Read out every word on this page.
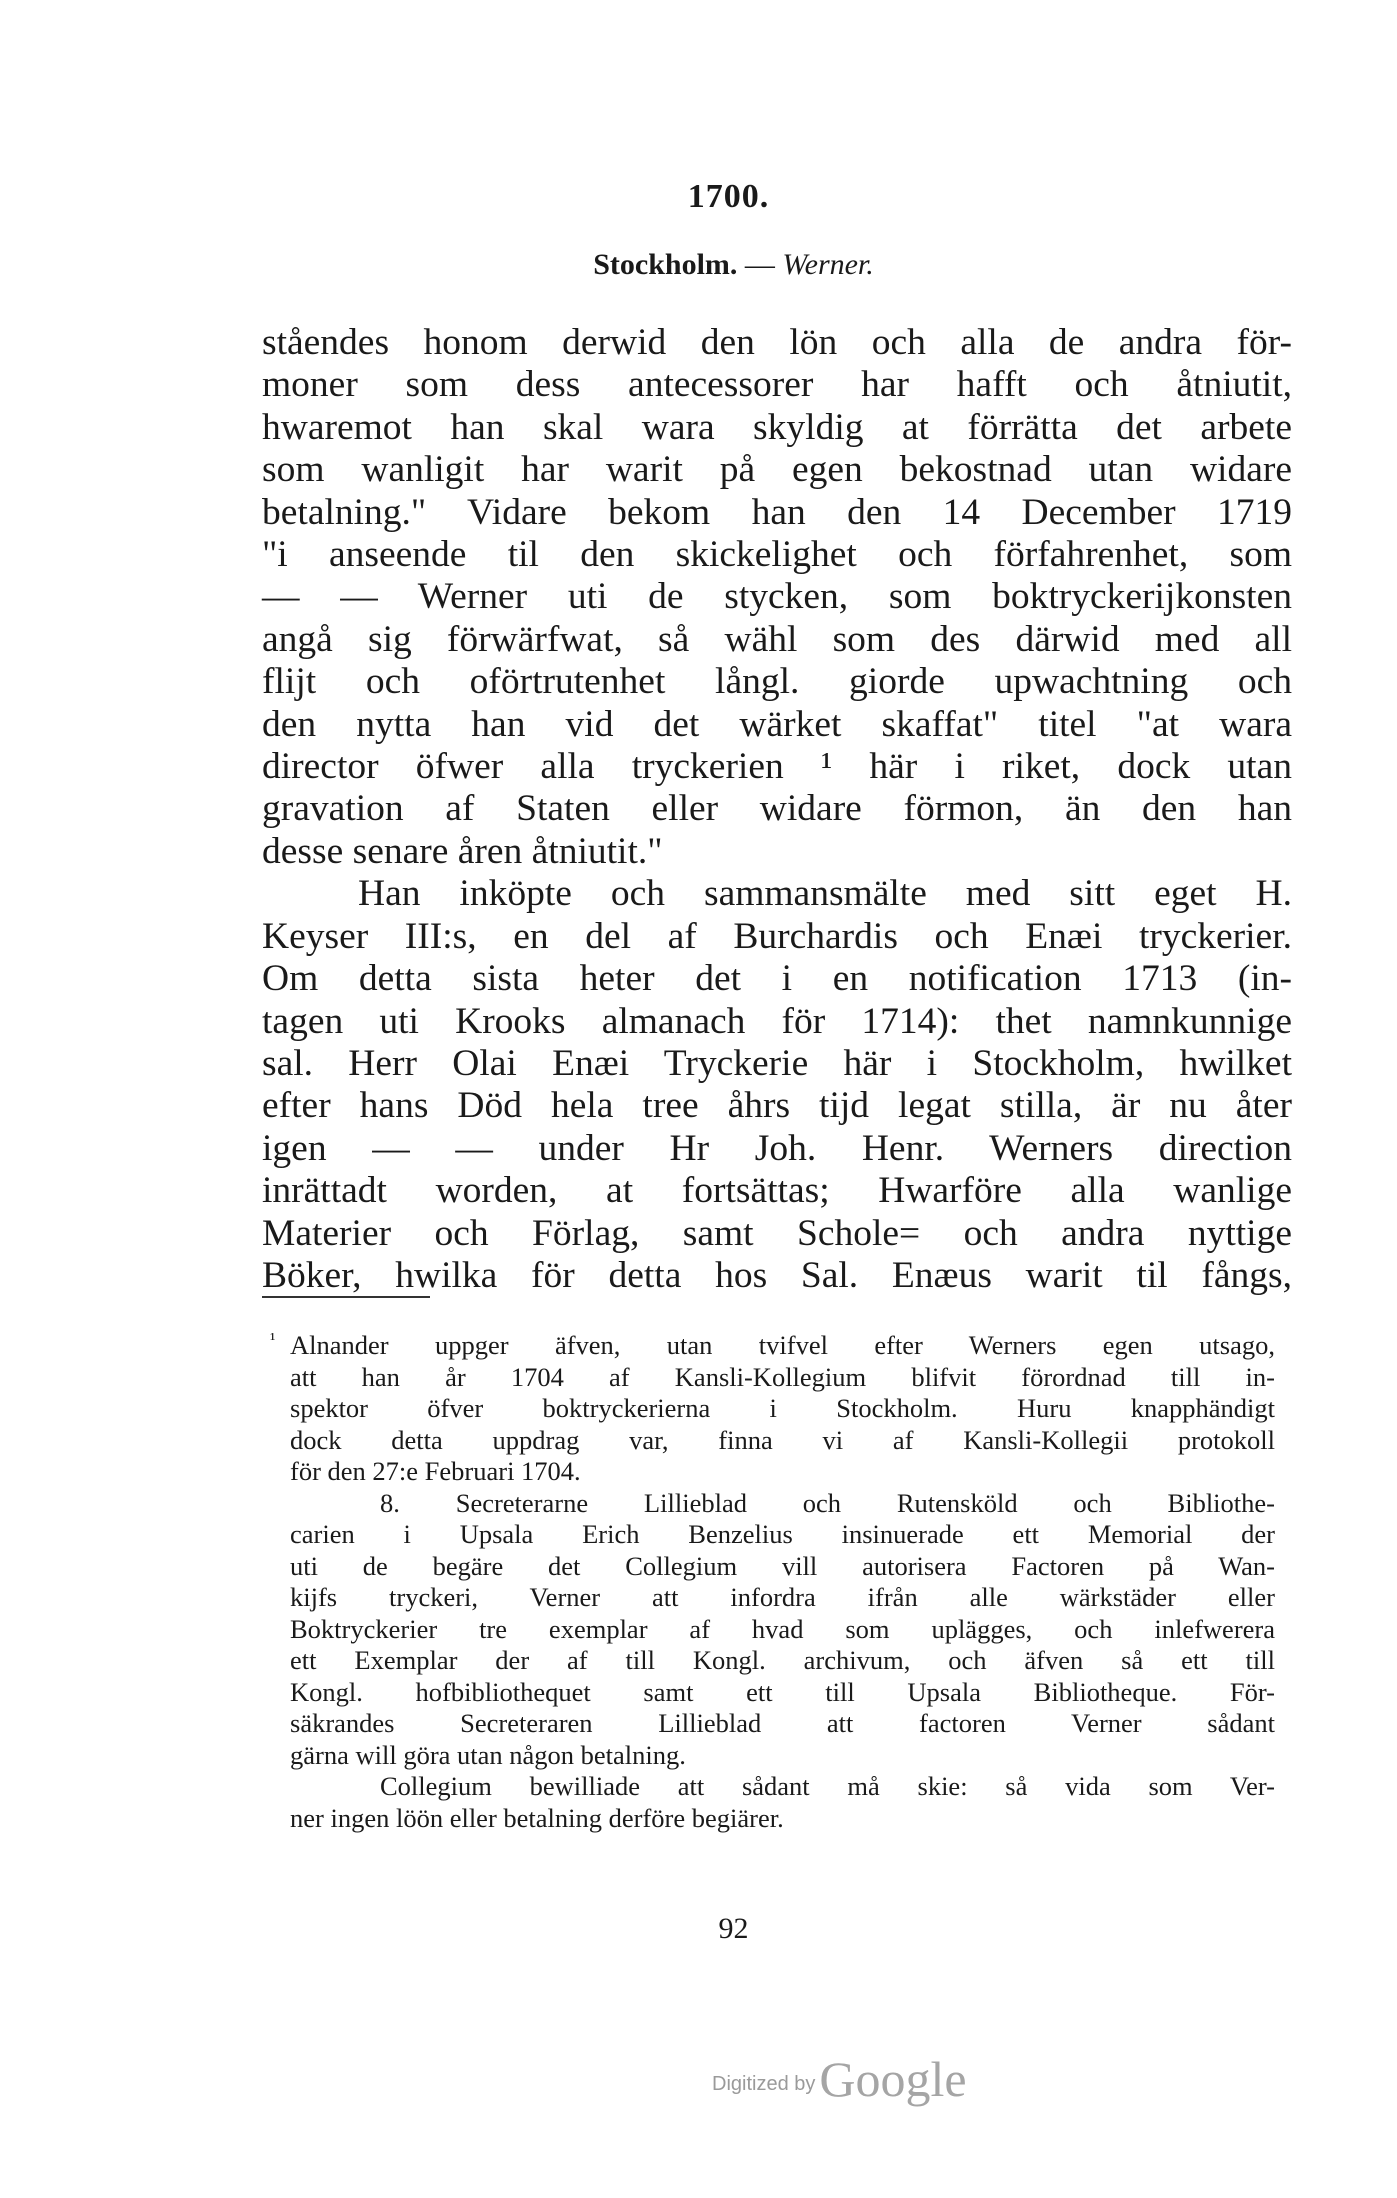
1700.
Stockholm. — Werner.
ståendes honom derwid den lön och alla de andra för-
moner som dess antecessorer har hafft och åtniutit,
hwaremot han skal wara skyldig at förrätta det arbete
som wanligit har warit på egen bekostnad utan widare
betalning." Vidare bekom han den 14 December 1719
"i anseende til den skickelighet och förfahrenhet, som
— — Werner uti de stycken, som boktryckerijkonsten
angå sig förwärfwat, så wähl som des därwid med all
flijt och oförtrutenhet långl. giorde upwachtning och
den nytta han vid det wärket skaffat" titel "at wara
director öfwer alla tryckerien ¹ här i riket, dock utan
gravation af Staten eller widare förmon, än den han
desse senare åren åtniutit."
Han inköpte och sammansmälte med sitt eget H.
Keyser III:s, en del af Burchardis och Enæi tryckerier.
Om detta sista heter det i en notification 1713 (in-
tagen uti Krooks almanach för 1714): thet namnkunnige
sal. Herr Olai Enæi Tryckerie här i Stockholm, hwilket
efter hans Död hela tree åhrs tijd legat stilla, är nu åter
igen — — under Hr Joh. Henr. Werners direction
inrättadt worden, at fortsättas; Hwarföre alla wanlige
Materier och Förlag, samt Schole= och andra nyttige
Böker, hwilka för detta hos Sal. Enæus warit til fångs,
¹ Alnander uppger äfven, utan tvifvel efter Werners egen utsago,
att han år 1704 af Kansli-Kollegium blifvit förordnad till in-
spektor öfver boktryckerierna i Stockholm. Huru knapphändigt
dock detta uppdrag var, finna vi af Kansli-Kollegii protokoll
för den 27:e Februari 1704.
8. Secreterarne Lillieblad och Rutensköld och Bibliothe-
carien i Upsala Erich Benzelius insinuerade ett Memorial der
uti de begäre det Collegium vill autorisera Factoren på Wan-
kijfs tryckeri, Verner att infordra ifrån alle wärkstäder eller
Boktryckerier tre exemplar af hvad som uplägges, och inlefwerera
ett Exemplar der af till Kongl. archivum, och äfven så ett till
Kongl. hofbibliothequet samt ett till Upsala Bibliotheque. För-
säkrandes Secreteraren Lillieblad att factoren Verner sådant
gärna will göra utan någon betalning.
Collegium bewilliade att sådant må skie: så vida som Ver-
ner ingen löön eller betalning derföre begiärer.
92
Digitized by Google
